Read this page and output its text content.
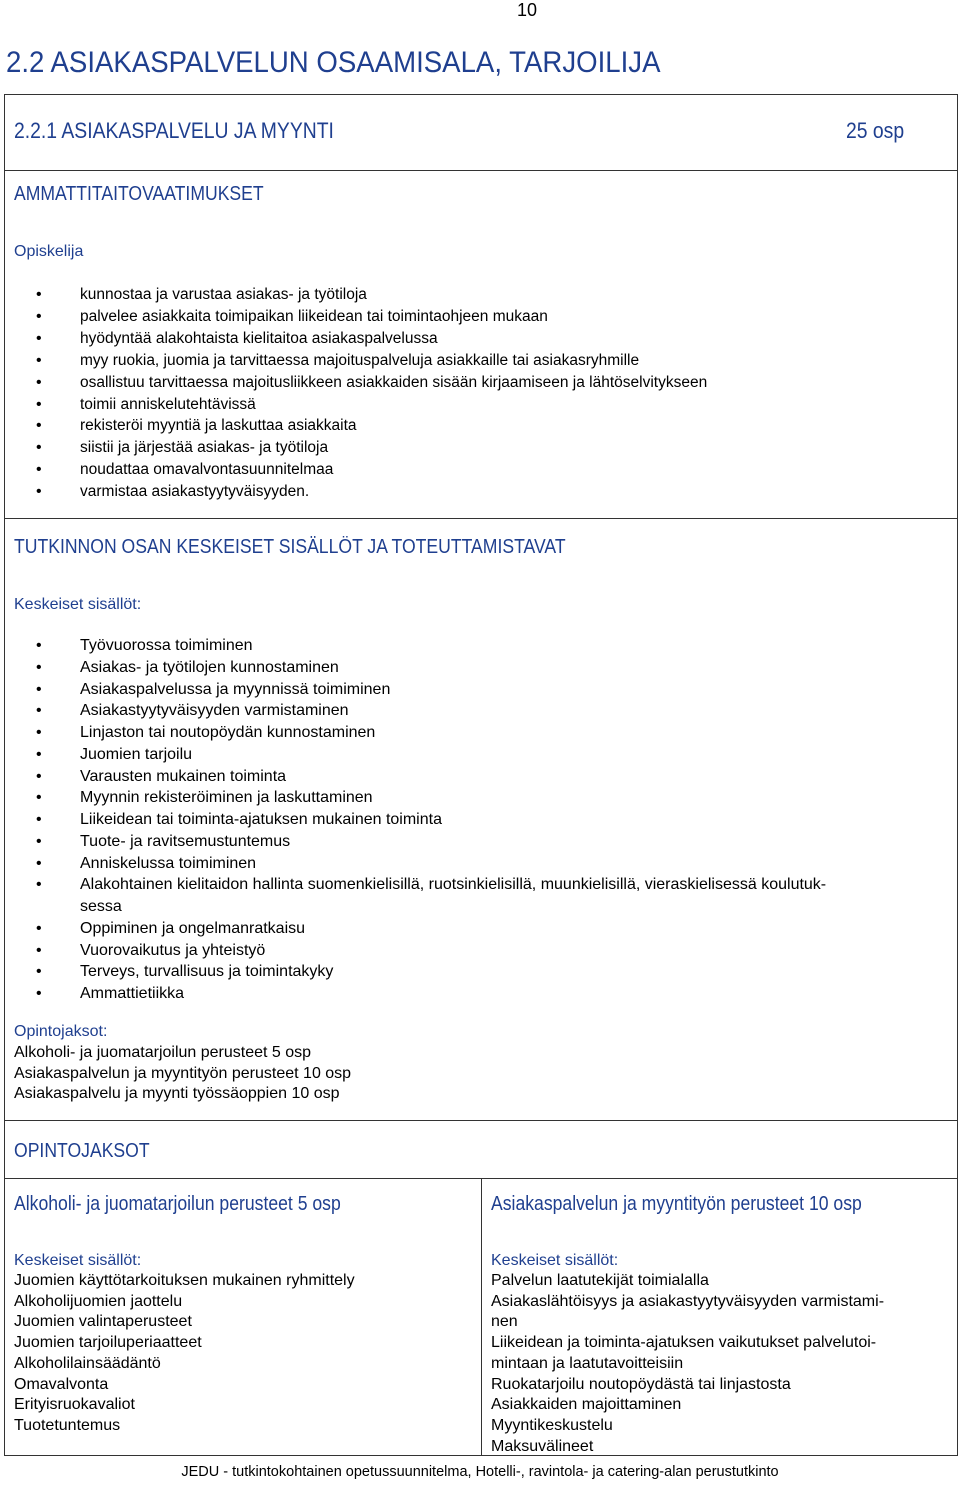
10
2.2 ASIAKASPALVELUN OSAAMISALA, TARJOILIJA
2.2.1 ASIAKASPALVELU JA MYYNTI	25 osp
AMMATTITAITOVAATIMUKSET
Opiskelija
• kunnostaa ja varustaa asiakas- ja työtiloja
• palvelee asiakkaita toimipaikan liikeidean tai toimintaohjeen mukaan
• hyödyntää alakohtaista kielitaitoa asiakaspalvelussa
• myy ruokia, juomia ja tarvittaessa majoituspalveluja asiakkaille tai asiakasryhmille
• osallistuu tarvittaessa majoitusliikkeen asiakkaiden sisään kirjaamiseen ja lähtöselvitykseen
• toimii anniskelutehtävissä
• rekisteröi myyntiä ja laskuttaa asiakkaita
• siistii ja järjestää asiakas- ja työtiloja
• noudattaa omavalvontasuunnitelmaa
• varmistaa asiakastyytyväisyyden.
TUTKINNON OSAN KESKEISET SISÄLLÖT JA TOTEUTTAMISTAVAT
Keskeiset sisällöt:
• Työvuorossa toimiminen
• Asiakas- ja työtilojen kunnostaminen
• Asiakaspalvelussa ja myynnissä toimiminen
• Asiakastyytyväisyyden varmistaminen
• Linjaston tai noutopöydän kunnostaminen
• Juomien tarjoilu
• Varausten mukainen toiminta
• Myynnin rekisteröiminen ja laskuttaminen
• Liikeidean tai toiminta-ajatuksen mukainen toiminta
• Tuote- ja ravitsemustuntemus
• Anniskelussa toimiminen
• Alakohtainen kielitaidon hallinta suomenkielisillä, ruotsinkielisillä, muunkielisillä, vieraskielisessä koulutuk-
sessa
• Oppiminen ja ongelmanratkaisu
• Vuorovaikutus ja yhteistyö
• Terveys, turvallisuus ja toimintakyky
• Ammattietiikka
Opintojaksot:
Alkoholi- ja juomatarjoilun perusteet 5 osp
Asiakaspalvelun ja myyntityön perusteet 10 osp
Asiakaspalvelu ja myynti työssäoppien 10 osp
OPINTOJAKSOT
Alkoholi- ja juomatarjoilun perusteet 5 osp	Asiakaspalvelun ja myyntityön perusteet 10 osp
Keskeiset sisällöt:
Juomien käyttötarkoituksen mukainen ryhmittely
Alkoholijuomien jaottelu
Juomien valintaperusteet
Juomien tarjoiluperiaatteet
Alkoholilainsäädäntö
Omavalvonta
Erityisruokavaliot
Tuotetuntemus
Keskeiset sisällöt:
Palvelun laatutekijät toimialalla
Asiakaslähtöisyys ja asiakastyytyväisyyden varmistami-
nen
Liikeidean ja toiminta-ajatuksen vaikutukset palvelutoi-
mintaan ja laatutavoitteisiin
Ruokatarjoilu noutopöydästä tai linjastosta
Asiakkaiden majoittaminen
Myyntikeskustelu
Maksuvälineet
JEDU - tutkintokohtainen opetussuunnitelma, Hotelli-, ravintola- ja catering-alan perustutkinto
